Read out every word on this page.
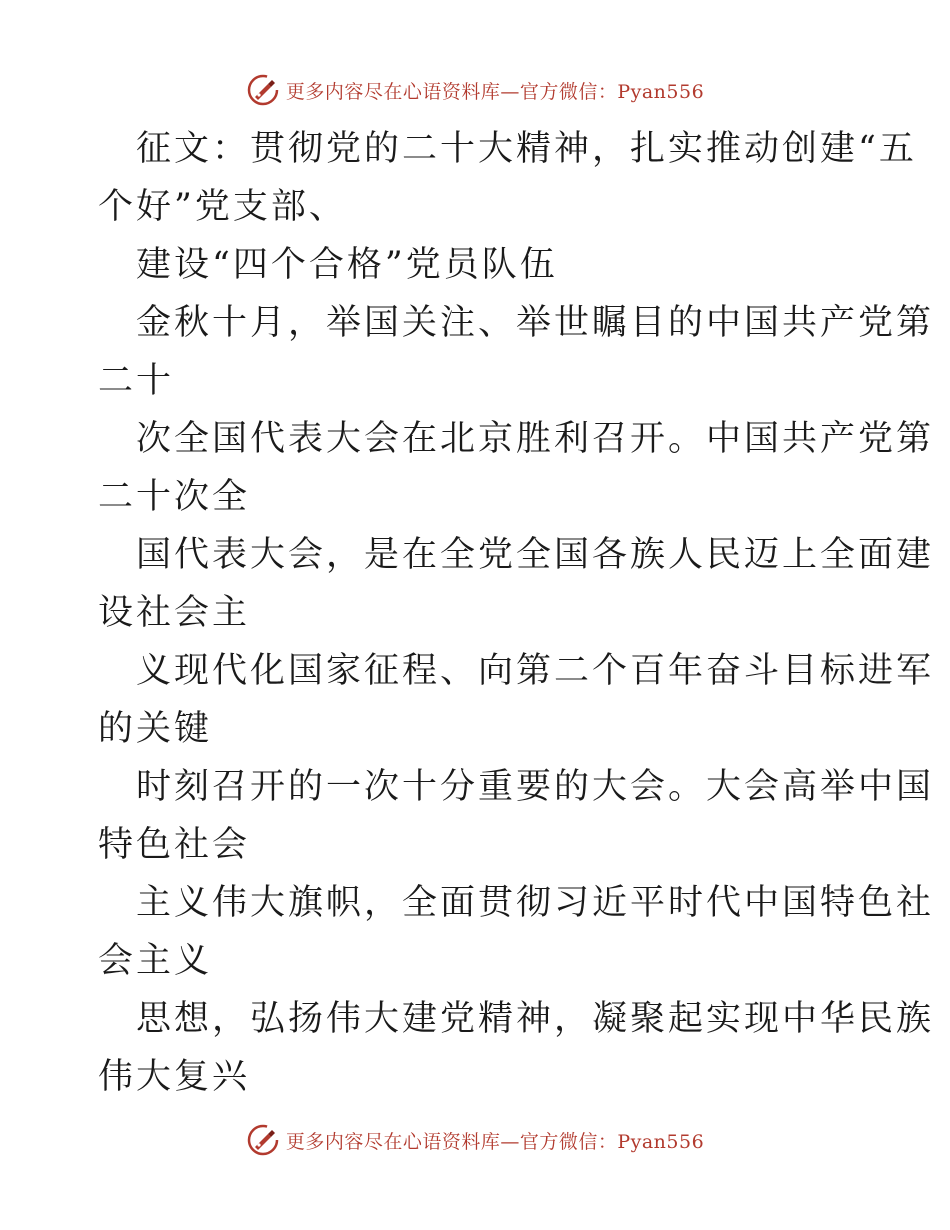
更多内容尽在心语资料库—官方微信：Pyan556
征文：贯彻党的二十大精神，扎实推动创建“五
个好”党支部、
建设“四个合格”党员队伍
金秋十月，举国关注、举世瞩目的中国共产党第
二十
次全国代表大会在北京胜利召开。中国共产党第
二十次全
国代表大会，是在全党全国各族人民迈上全面建
设社会主
义现代化国家征程、向第二个百年奋斗目标进军
的关键
时刻召开的一次十分重要的大会。大会高举中国
特色社会
主义伟大旗帜，全面贯彻习近平时代中国特色社
会主义
思想，弘扬伟大建党精神，凝聚起实现中华民族
伟大复兴
更多内容尽在心语资料库—官方微信：Pyan556
